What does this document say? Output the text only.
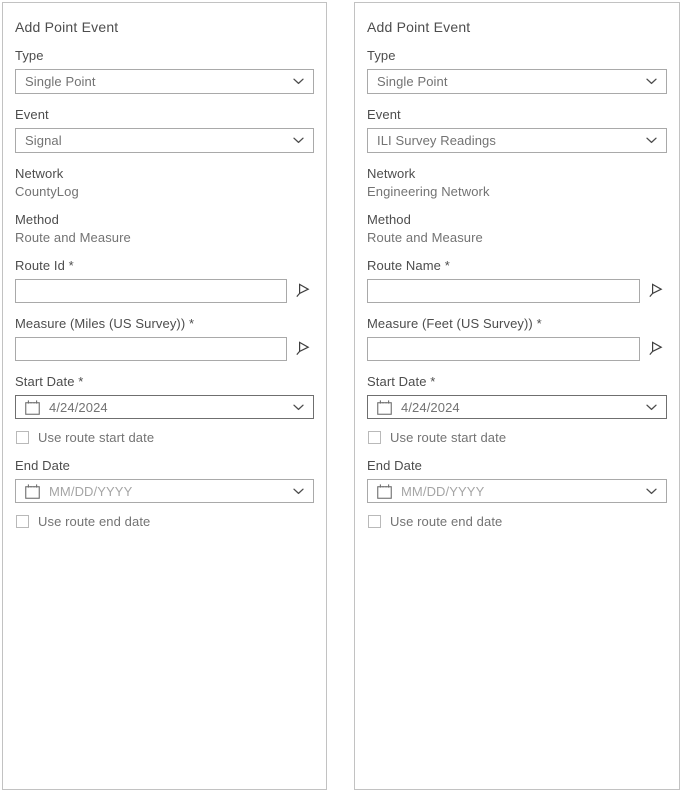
Add Point Event
Type
Single Point
Event
Signal
Network
CountyLog
Method
Route and Measure
Route Id *
Measure (Miles (US Survey)) *
Start Date *
4/24/2024
Use route start date
End Date
MM/DD/YYYY
Use route end date
Add Point Event
Type
Single Point
Event
ILI Survey Readings
Network
Engineering Network
Method
Route and Measure
Route Name *
Measure (Feet (US Survey)) *
Start Date *
4/24/2024
Use route start date
End Date
MM/DD/YYYY
Use route end date
